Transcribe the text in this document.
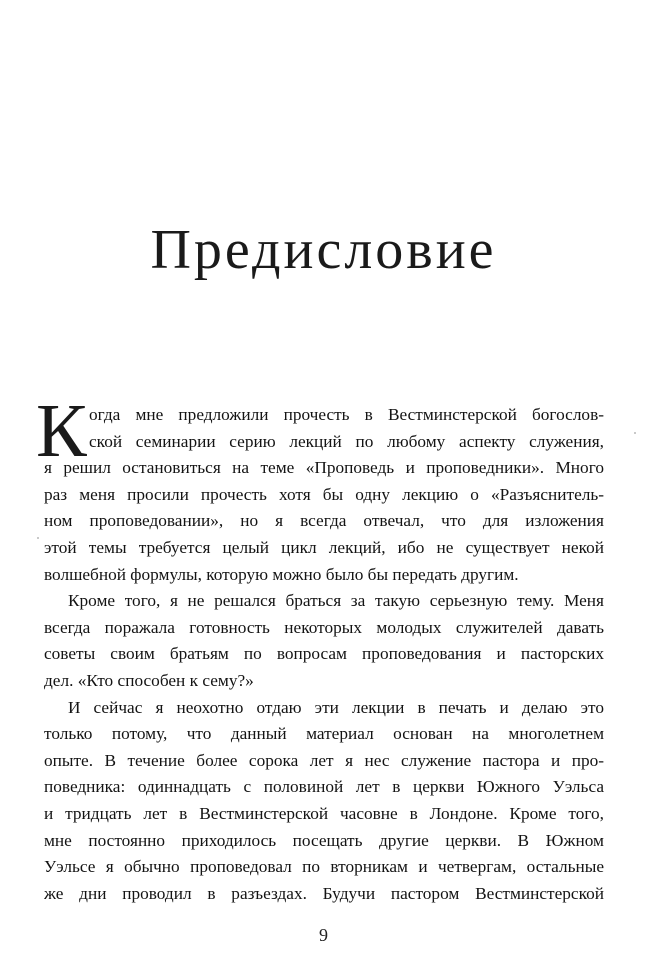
Предисловие
К огда мне предложили прочесть в Вестминстерской богослов-
ской семинарии серию лекций по любому аспекту служения,
я решил остановиться на теме «Проповедь и проповедники». Много
раз меня просили прочесть хотя бы одну лекцию о «Разъяснитель-
ном проповедовании», но я всегда отвечал, что для изложения
этой темы требуется целый цикл лекций, ибо не существует некой
волшебной формулы, которую можно было бы передать другим.
Кроме того, я не решался браться за такую серьезную тему. Меня
всегда поражала готовность некоторых молодых служителей давать
советы своим братьям по вопросам проповедования и пасторских
дел. «Кто способен к сему?»
И сейчас я неохотно отдаю эти лекции в печать и делаю это
только потому, что данный материал основан на многолетнем
опыте. В течение более сорока лет я нес служение пастора и про-
поведника: одиннадцать с половиной лет в церкви Южного Уэльса
и тридцать лет в Вестминстерской часовне в Лондоне. Кроме того,
мне постоянно приходилось посещать другие церкви. В Южном
Уэльсе я обычно проповедовал по вторникам и четвергам, остальные
же дни проводил в разъездах. Будучи пастором Вестминстерской
9
